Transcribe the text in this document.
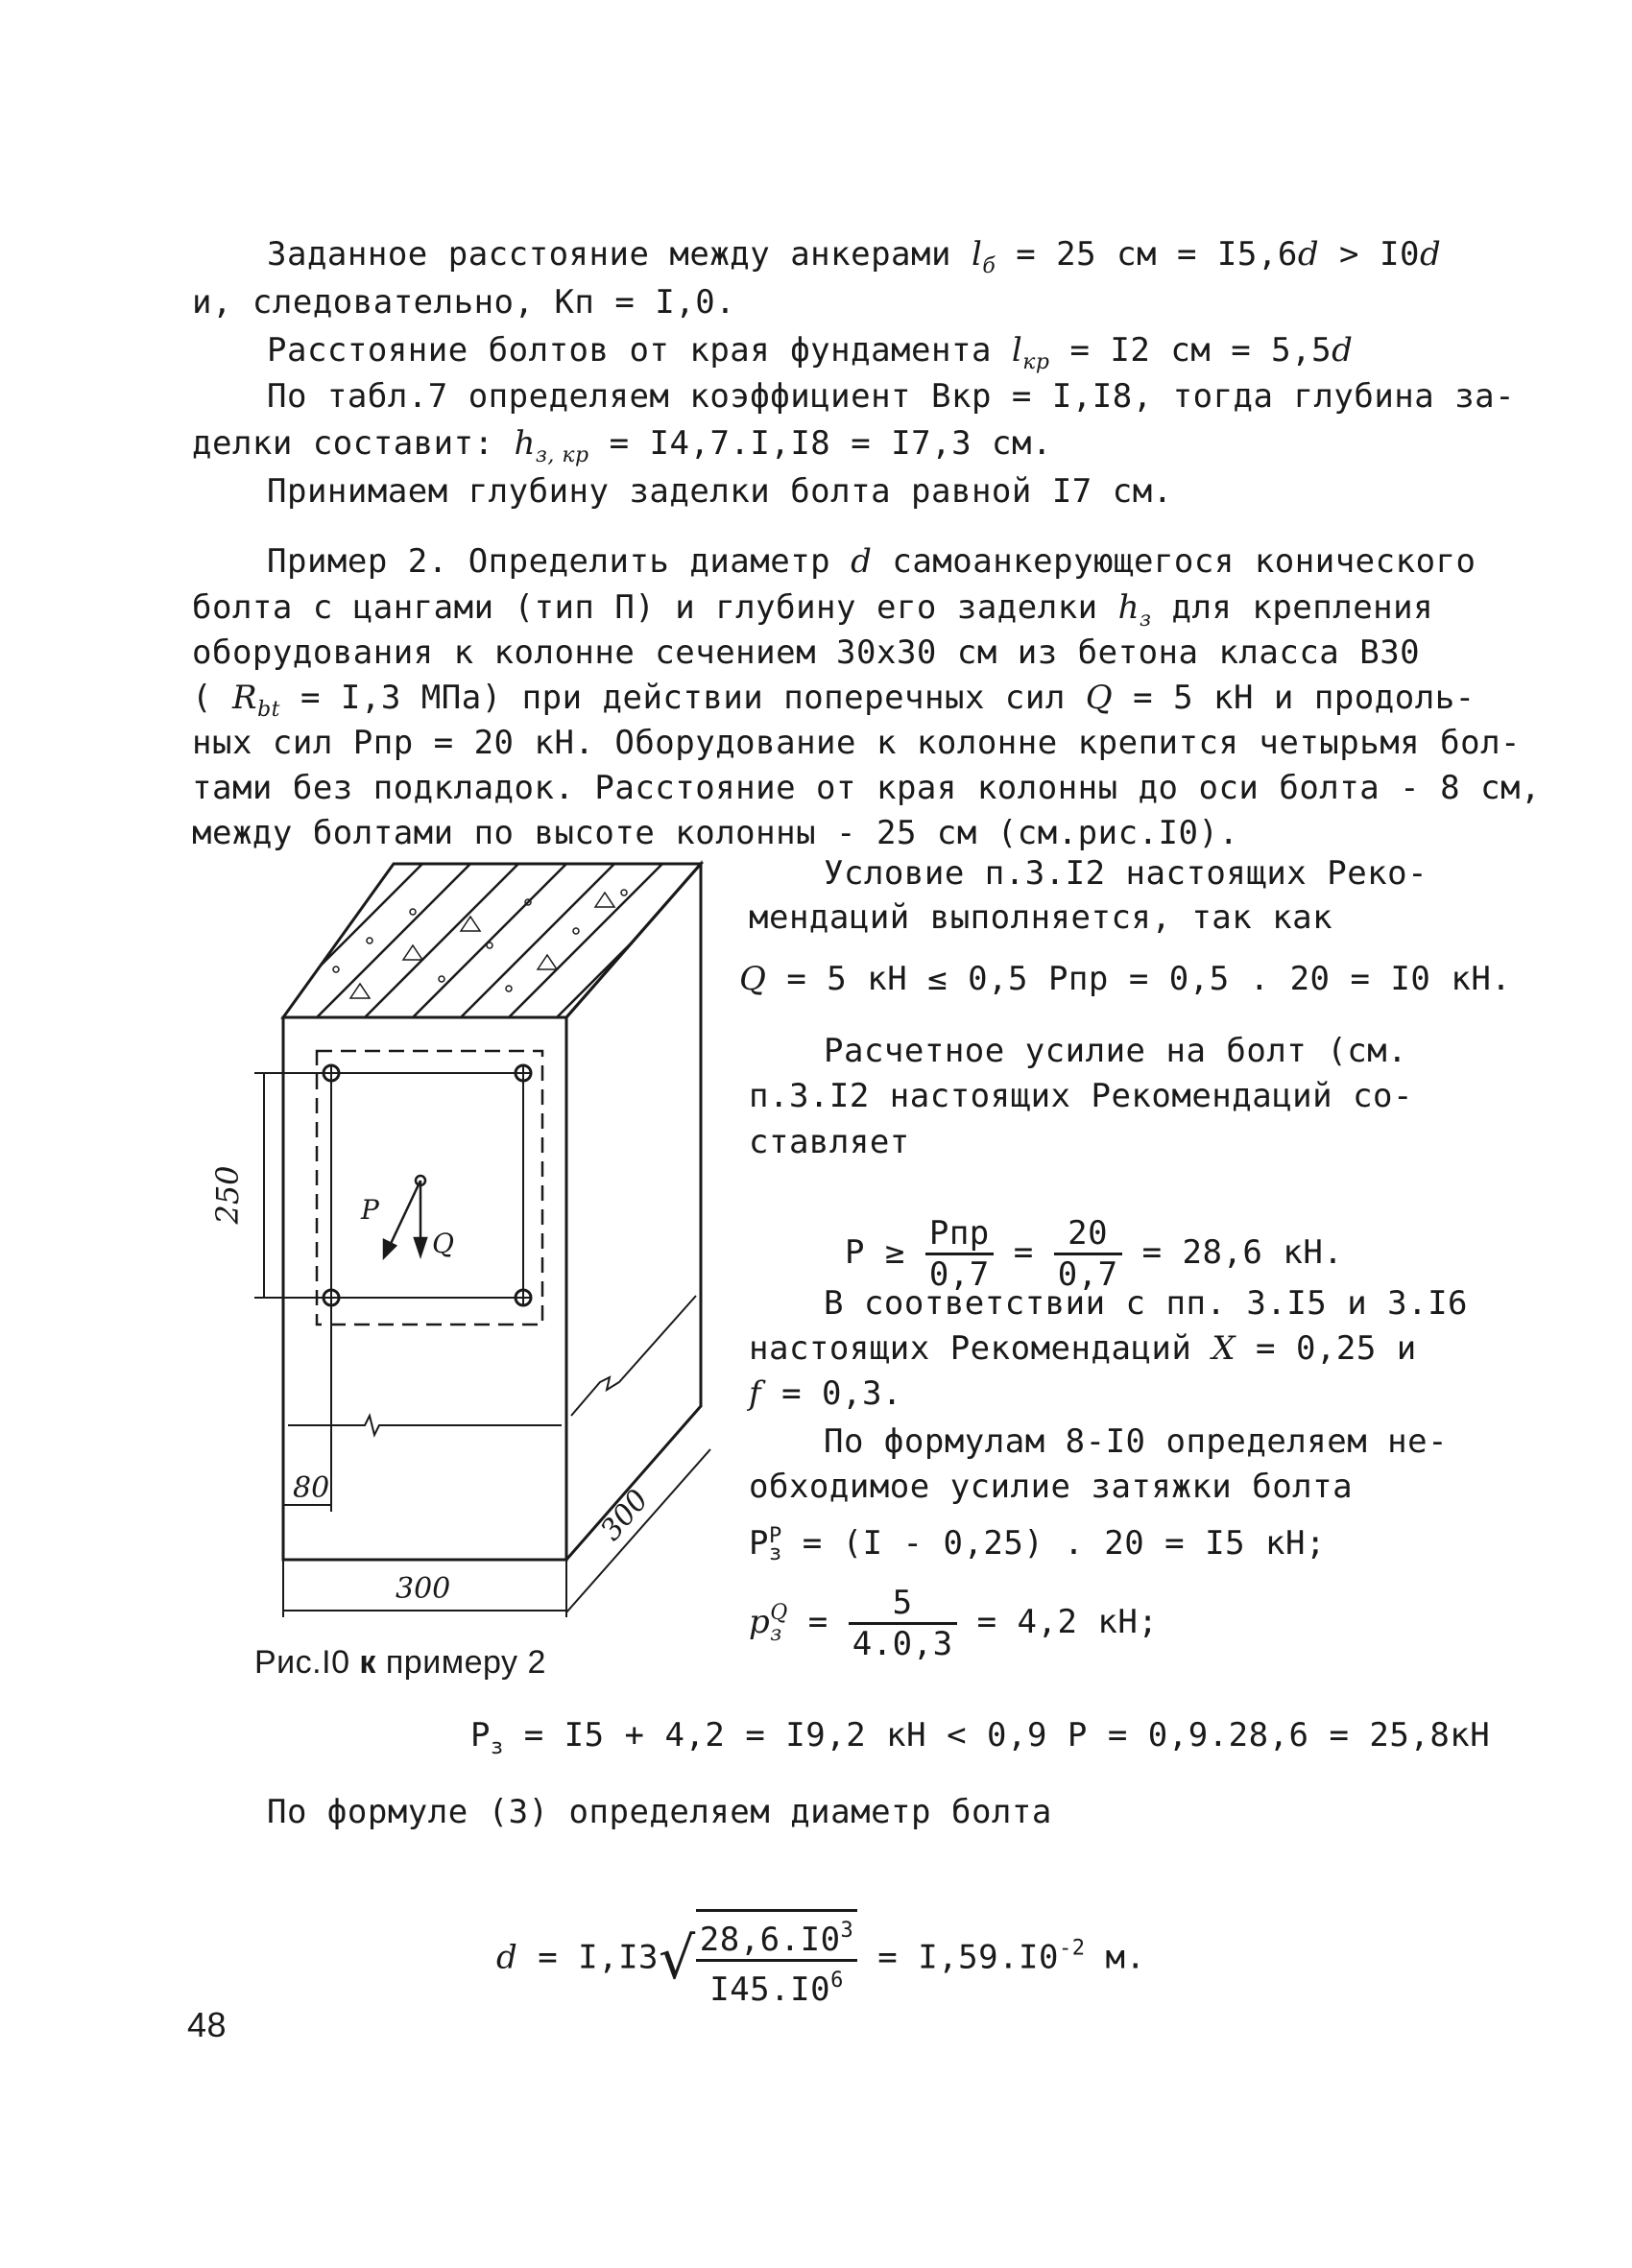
Заданное расстояние между анкерами $l_б = 25$ см = I5,6d > I0d
и, следовательно, Кп = I,0.
Расстояние болтов от края фундамента $l_{кр} = I2$ см = 5,5d
По табл.7 определяем коэффициент Вкр = I,I8, тогда глубина за-
делки составит: $h_{з, кр} = I4,7.I,I8 = I7,3$ см.
Принимаем глубину заделки болта равной I7 см.
Пример 2. Определить диаметр d самоанкерующегося конического
болта с цангами (тип П) и глубину его заделки $h_з$ для крепления
оборудования к колонне сечением 30х30 см из бетона класса В30
( $R_{bt} = I,3$ МПа) при действии поперечных сил Q = 5 кН и продоль-
ных сил Рпр = 20 кН. Оборудование к колонне крепится четырьмя бол-
тами без подкладок. Расстояние от края колонны до оси болта - 8 см,
между болтами по высоте колонны - 25 см (см.рис.I0).
250	P
Q
80
300
300
Рис.I0 к примеру 2
Условие п.3.I2 настоящих Реко-
мендаций выполняется, так как
Q = 5 кН ≤ 0,5 Рпр = 0,5 . 20 = I0 кН.
Расчетное усилие на болт (см.
п.3.I2 настоящих Рекомендаций со-
ставляет

$P \ge \frac{\text{Рпр}}{0,7} = \frac{20}{0,7} = 28,6$ кН.

В соответствии с пп. 3.I5 и 3.I6
настоящих Рекомендаций X = 0,25 и
f = 0,3.
По формулам 8-I0 определяем не-
обходимое усилие затяжки болта
P P
з = (I - 0,25) . 20 = I5 кН;
p Q
$з = \frac{5}{4.0,3} = 4,2$ кН;
$P_з = I5 + 4,2 = I9,2$ кН < 0,9 P = 0,9.28,6 = 25,8кН
По формуле (3) определяем диаметр болта

$d = I,I3√ \frac{28,6.I0^3}{I45.I0^6} = I,59.I0^{-2}$ м.

48
